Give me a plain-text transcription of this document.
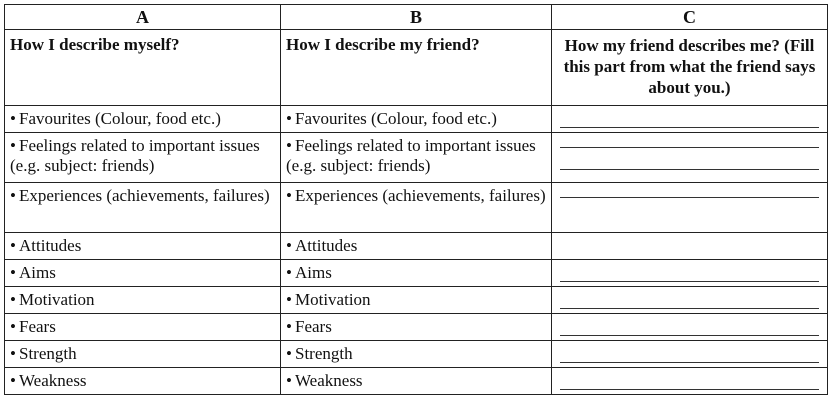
A	B	C
How I describe myself?	How I describe my friend?	How my friend describes me? (Fill this part from what the friend says about you.)
• Favourites (Colour, food etc.)	• Favourites (Colour, food etc.)	

• Feelings related to important issues (e.g. subject: friends)	• Feelings related to important issues (e.g. subject: friends)	

• Experiences (achievements, failures)	• Experiences (achievements, failures)	

• Attitudes	• Attitudes	
• Aims	• Aims	

• Motivation	• Motivation	

• Fears	• Fears	

• Strength	• Strength	

• Weakness	• Weakness	
